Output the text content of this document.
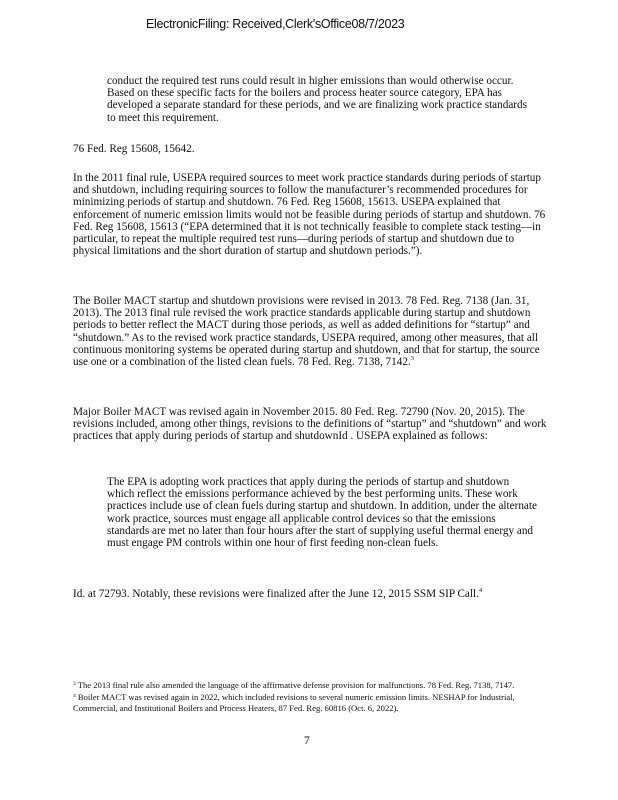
ElectronicFiling: Received,Clerk'sOffice08/7/2023

conduct the required test runs could result in higher emissions than would otherwise occur. Based on these specific facts for the boilers and process heater source category, EPA has developed a separate standard for these periods, and we are finalizing work practice standards to meet this requirement.

76 Fed. Reg 15608, 15642.

In the 2011 final rule, USEPA required sources to meet work practice standards during periods of startup and shutdown, including requiring sources to follow the manufacturer’s recommended procedures for minimizing periods of startup and shutdown. 76 Fed. Reg 15608, 15613. USEPA explained that enforcement of numeric emission limits would not be feasible during periods of startup and shutdown. 76 Fed. Reg 15608, 15613 (“EPA determined that it is not technically feasible to complete stack testing—in particular, to repeat the multiple required test runs—during periods of startup and shutdown due to physical limitations and the short duration of startup and shutdown periods.”).

The Boiler MACT startup and shutdown provisions were revised in 2013. 78 Fed. Reg. 7138 (Jan. 31, 2013). The 2013 final rule revised the work practice standards applicable during startup and shutdown periods to better reflect the MACT during those periods, as well as added definitions for “startup” and “shutdown.” As to the revised work practice standards, USEPA required, among other measures, that all continuous monitoring systems be operated during startup and shutdown, and that for startup, the source use one or a combination of the listed clean fuels. 78 Fed. Reg. 7138, 7142.$^3$

Major Boiler MACT was revised again in November 2015. 80 Fed. Reg. 72790 (Nov. 20, 2015). The revisions included, among other things, revisions to the definitions of “startup” and “shutdown” and work practices that apply during periods of startup and shutdownId . USEPA explained as follows:

The EPA is adopting work practices that apply during the periods of startup and shutdown which reflect the emissions performance achieved by the best performing units. These work practices include use of clean fuels during startup and shutdown. In addition, under the alternate work practice, sources must engage all applicable control devices so that the emissions standards are met no later than four hours after the start of supplying useful thermal energy and must engage PM controls within one hour of first feeding non-clean fuels.

Id. at 72793. Notably, these revisions were finalized after the June 12, 2015 SSM SIP Call.$^4$

$^3$ The 2013 final rule also amended the language of the affirmative defense provision for malfunctions. 78 Fed. Reg. 7138, 7147.

$^4$ Boiler MACT was revised again in 2022, which included revisions to several numeric emission limits. NESHAP for Industrial, Commercial, and Institutional Boilers and Process Heaters, 87 Fed. Reg. 60816 (Oct. 6, 2022).

7
